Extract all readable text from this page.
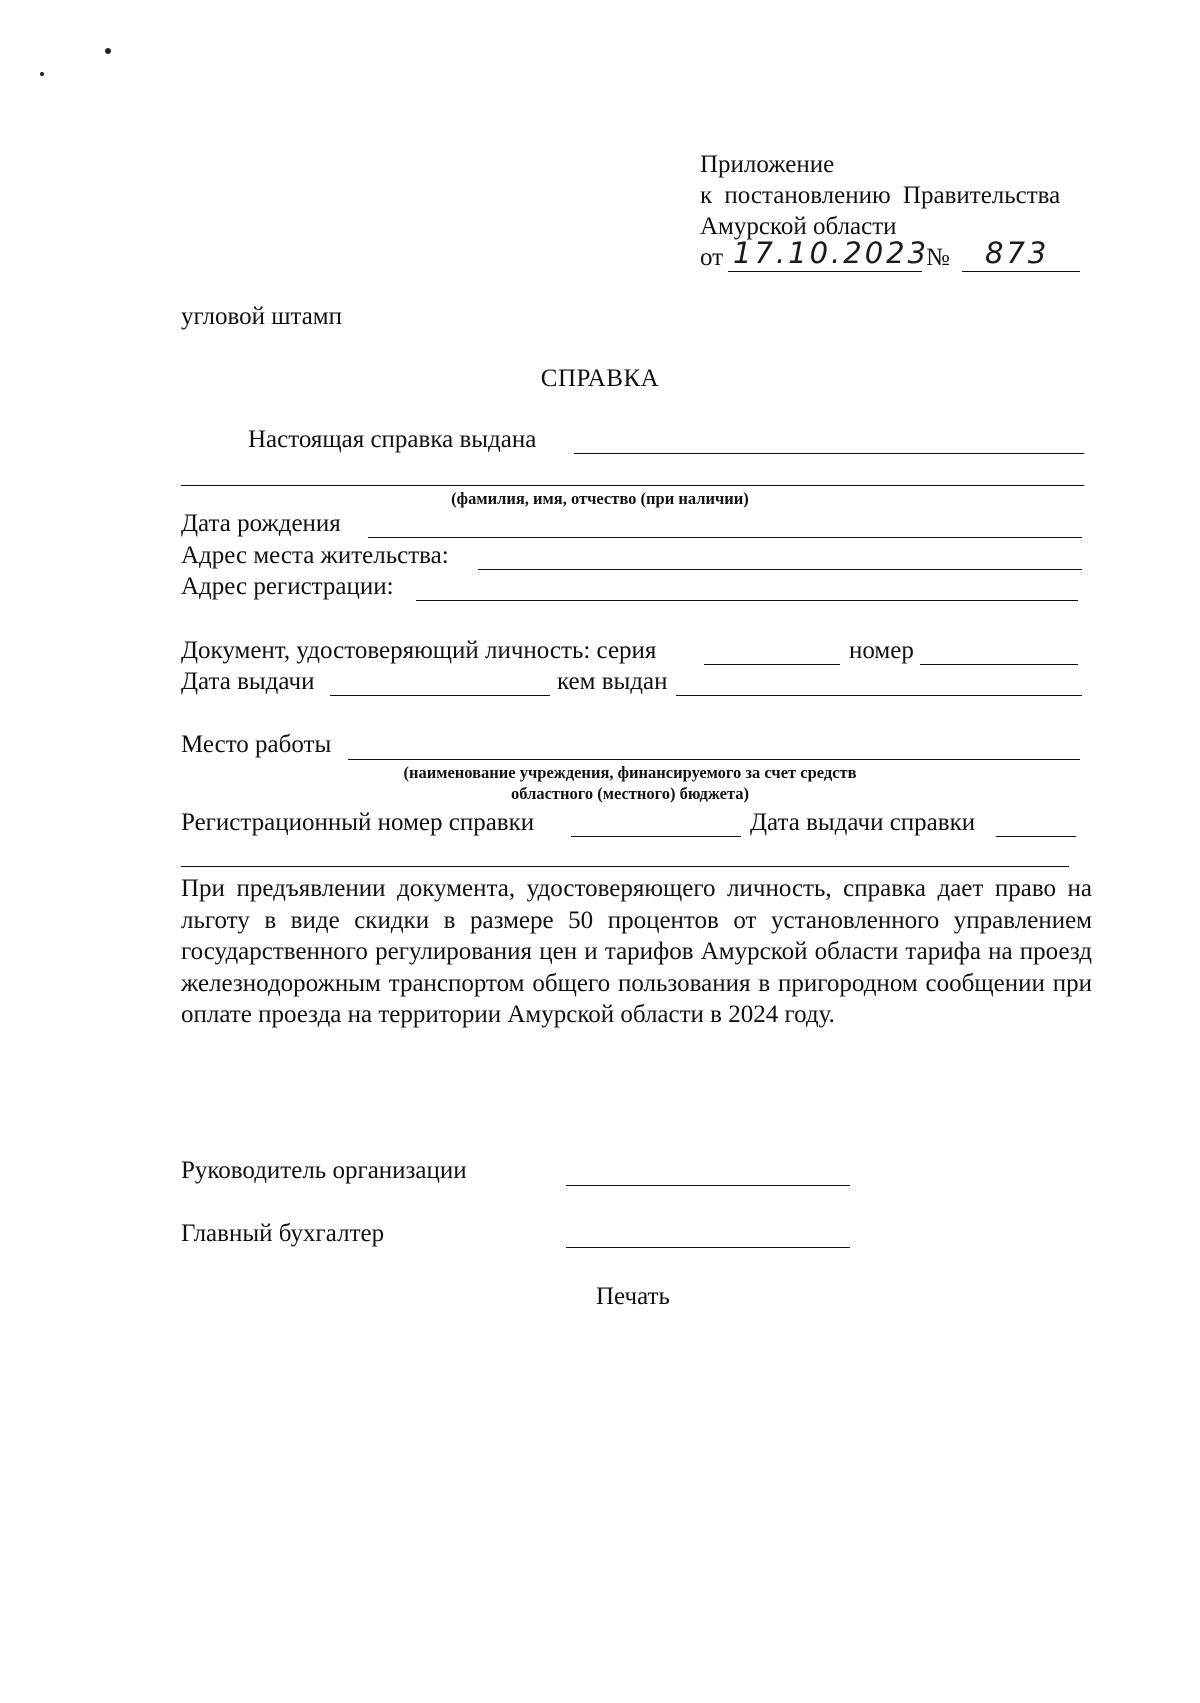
Приложение
к постановлению Правительства
Амурской области
от 17.10.2023
№ 873
угловой штамп
СПРАВКА
Настоящая справка выдана
(фамилия, имя, отчество (при наличии)
Дата рождения
Адрес места жительства:
Адрес регистрации:
Документ, удостоверяющий личность: серия	номер
Дата выдачи	кем выдан
Место работы
(наименование учреждения, финансируемого за счет средств
областного (местного) бюджета)
Регистрационный номер справки	Дата выдачи справки
При предъявлении документа, удостоверяющего личность, справка дает право на льготу в виде скидки в размере 50 процентов от установленного управлением государственного регулирования цен и тарифов Амурской области тарифа на проезд железнодорожным транспортом общего пользования в пригородном сообщении при оплате проезда на территории Амурской области в 2024 году.
Руководитель организации
Главный бухгалтер
Печать
